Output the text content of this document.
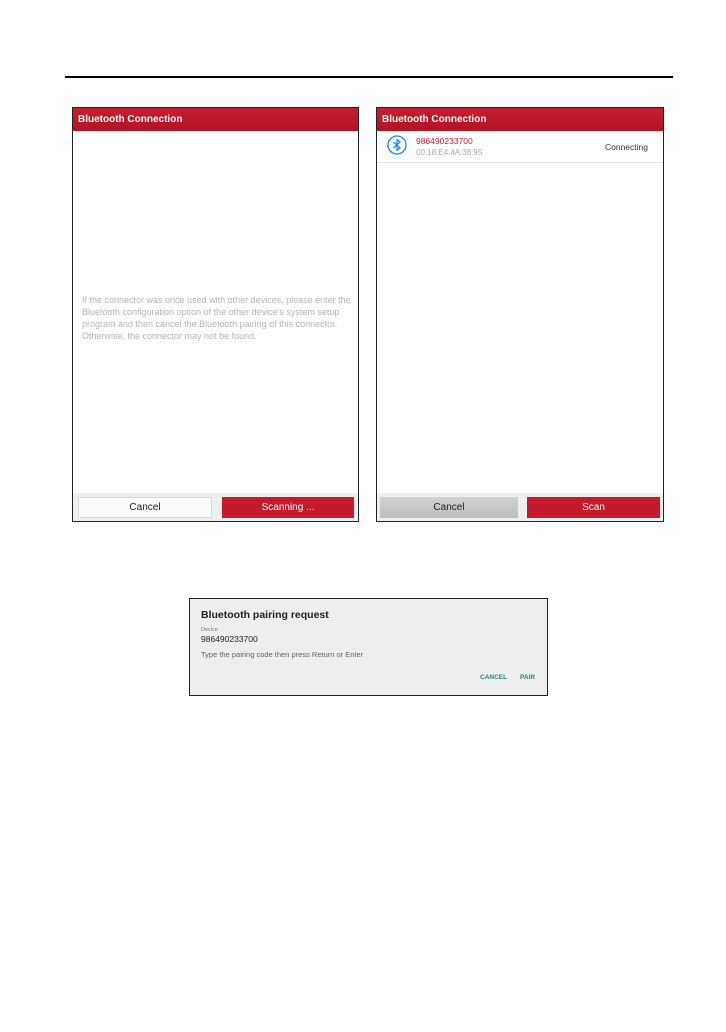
Bluetooth Connection
If the connector was once used with other devices, please enter the Bluetooth configuration option of the other device's system setup program and then cancel the Bluetooth pairing of this connector. Otherwise, the connector may not be found.
Cancel	Scanning ...
Bluetooth Connection
986490233700
00:18:E4:4A:38:95
Connecting
Cancel	Scan
Bluetooth pairing request
Device
986490233700
Type the pairing code then press Return or Enter
CANCEL PAIR
